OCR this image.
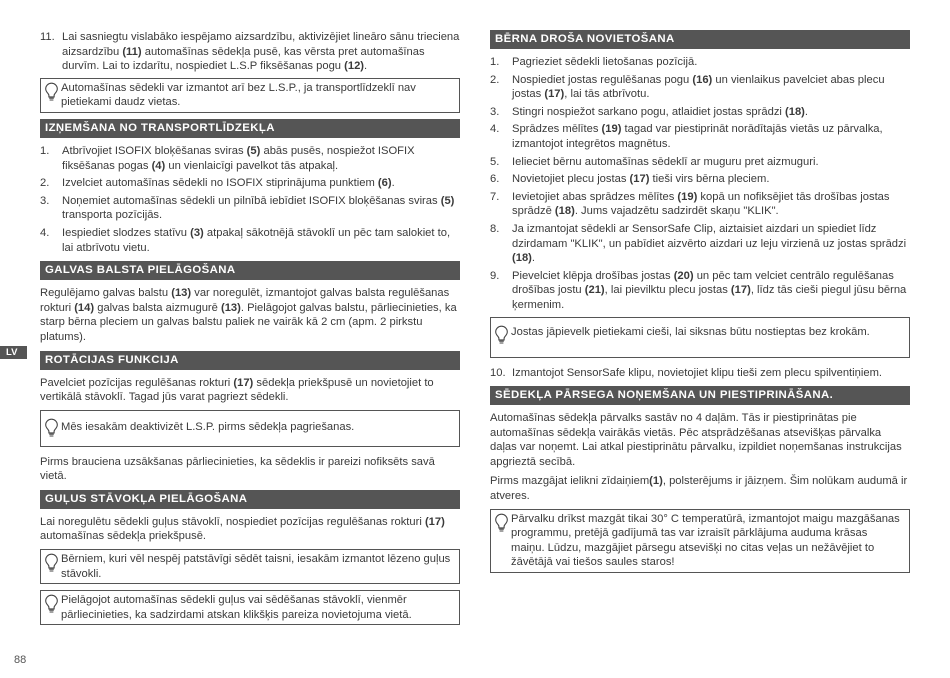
LV
11. Lai sasniegtu vislabāko iespējamo aizsardzību, aktivizējiet lineāro sānu trieciena aizsardzību (11) automašīnas sēdekļa pusē, kas vērsta pret automašīnas durvīm. Lai to izdarītu, nospiediet L.S.P fiksēšanas pogu (12).
Automašīnas sēdekli var izmantot arī bez L.S.P., ja transportlīdzeklī nav pietiekami daudz vietas.
IZŅEMŠANA NO TRANSPORTLĪDZEKĻA
1.	Atbrīvojiet ISOFIX bloķēšanas sviras (5) abās pusēs, nospiežot ISOFIX fiksēšanas pogas (4) un vienlaicīgi pavelkot tās atpakaļ.
2.	Izvelciet automašīnas sēdekli no ISOFIX stiprinājuma punktiem (6).
3.	Noņemiet automašīnas sēdekli un pilnībā iebīdiet ISOFIX bloķēšanas sviras (5) transporta pozīcijās.
4.	Iespiediet slodzes statīvu (3) atpakaļ sākotnējā stāvoklī un pēc tam salokiet to, lai atbrīvotu vietu.
GALVAS BALSTA PIELĀGOŠANA

Regulējamo galvas balstu (13) var noregulēt, izmantojot galvas balsta regulēšanas rokturi (14) galvas balsta aizmugurē (13). Pielāgojot galvas balstu, pārliecinieties, ka starp bērna pleciem un galvas balstu paliek ne vairāk kā 2 cm (apm. 2 pirkstu platums).

ROTĀCIJAS FUNKCIJA

Pavelciet pozīcijas regulēšanas rokturi (17) sēdekļa priekšpusē un novietojiet to vertikālā stāvoklī. Tagad jūs varat pagriezt sēdekli.

Mēs iesakām deaktivizēt L.S.P. pirms sēdekļa pagriešanas.

Pirms brauciena uzsākšanas pārliecinieties, ka sēdeklis ir pareizi nofiksēts savā vietā.

GUĻUS STĀVOKĻA PIELĀGOŠANA

Lai noregulētu sēdekli guļus stāvoklī, nospiediet pozīcijas regulēšanas rokturi (17) automašīnas sēdekļa priekšpusē.

Bērniem, kuri vēl nespēj patstāvīgi sēdēt taisni, iesakām izmantot lēzeno guļus stāvokli.
Pielāgojot automašīnas sēdekli guļus vai sēdēšanas stāvoklī, vienmēr pārliecinieties, ka sadzirdami atskan klikšķis pareiza novietojuma vietā.
BĒRNA DROŠA NOVIETOŠANA
1.	Pagrieziet sēdekli lietošanas pozīcijā.
2.	Nospiediet jostas regulēšanas pogu (16) un vienlaikus pavelciet abas plecu jostas (17), lai tās atbrīvotu.
3.	Stingri nospiežot sarkano pogu, atlaidiet jostas sprādzi (18).
4.	Sprādzes mēlītes (19) tagad var piestiprināt norādītajās vietās uz pārvalka, izmantojot integrētos magnētus.
5.	Ielieciet bērnu automašīnas sēdeklī ar muguru pret aizmuguri.
6.	Novietojiet plecu jostas (17) tieši virs bērna pleciem.
7.	Ievietojiet abas sprādzes mēlītes (19) kopā un nofiksējiet tās drošības jostas sprādzē (18). Jums vajadzētu sadzirdēt skaņu "KLIK".
8.	Ja izmantojat sēdekli ar SensorSafe Clip, aiztaisiet aizdari un spiediet līdz dzirdamam "KLIK", un pabīdiet aizvērto aizdari uz leju virzienā uz jostas sprādzi (18).
9.	Pievelciet klēpja drošības jostas (20) un pēc tam velciet centrālo regulēšanas drošības jostu (21), lai pievilktu plecu jostas (17), līdz tās cieši piegul jūsu bērna ķermenim.
Jostas jāpievelk pietiekami cieši, lai siksnas būtu nostieptas bez krokām.
10. Izmantojot SensorSafe klipu, novietojiet klipu tieši zem plecu spilventiņiem.
SĒDEKĻA PĀRSEGA NOŅEMŠANA UN PIESTIPRINĀŠANA.

Automašīnas sēdekļa pārvalks sastāv no 4 daļām. Tās ir piestiprinātas pie automašīnas sēdekļa vairākās vietās. Pēc atsprādzēšanas atsevišķas pārvalka daļas var noņemt. Lai atkal piestiprinātu pārvalku, izpildiet noņemšanas instrukcijas apgrieztā secībā.

Pirms mazgājat ielikni zīdaiņiem(1), polsterējums ir jāizņem. Šim nolūkam audumā ir atveres.

Pārvalku drīkst mazgāt tikai 30° C temperatūrā, izmantojot maigu mazgāšanas programmu, pretējā gadījumā tas var izraisīt pārklājuma auduma krāsas maiņu. Lūdzu, mazgājiet pārsegu atsevišķi no citas veļas un nežāvējiet to žāvētājā vai tiešos saules staros!
88
